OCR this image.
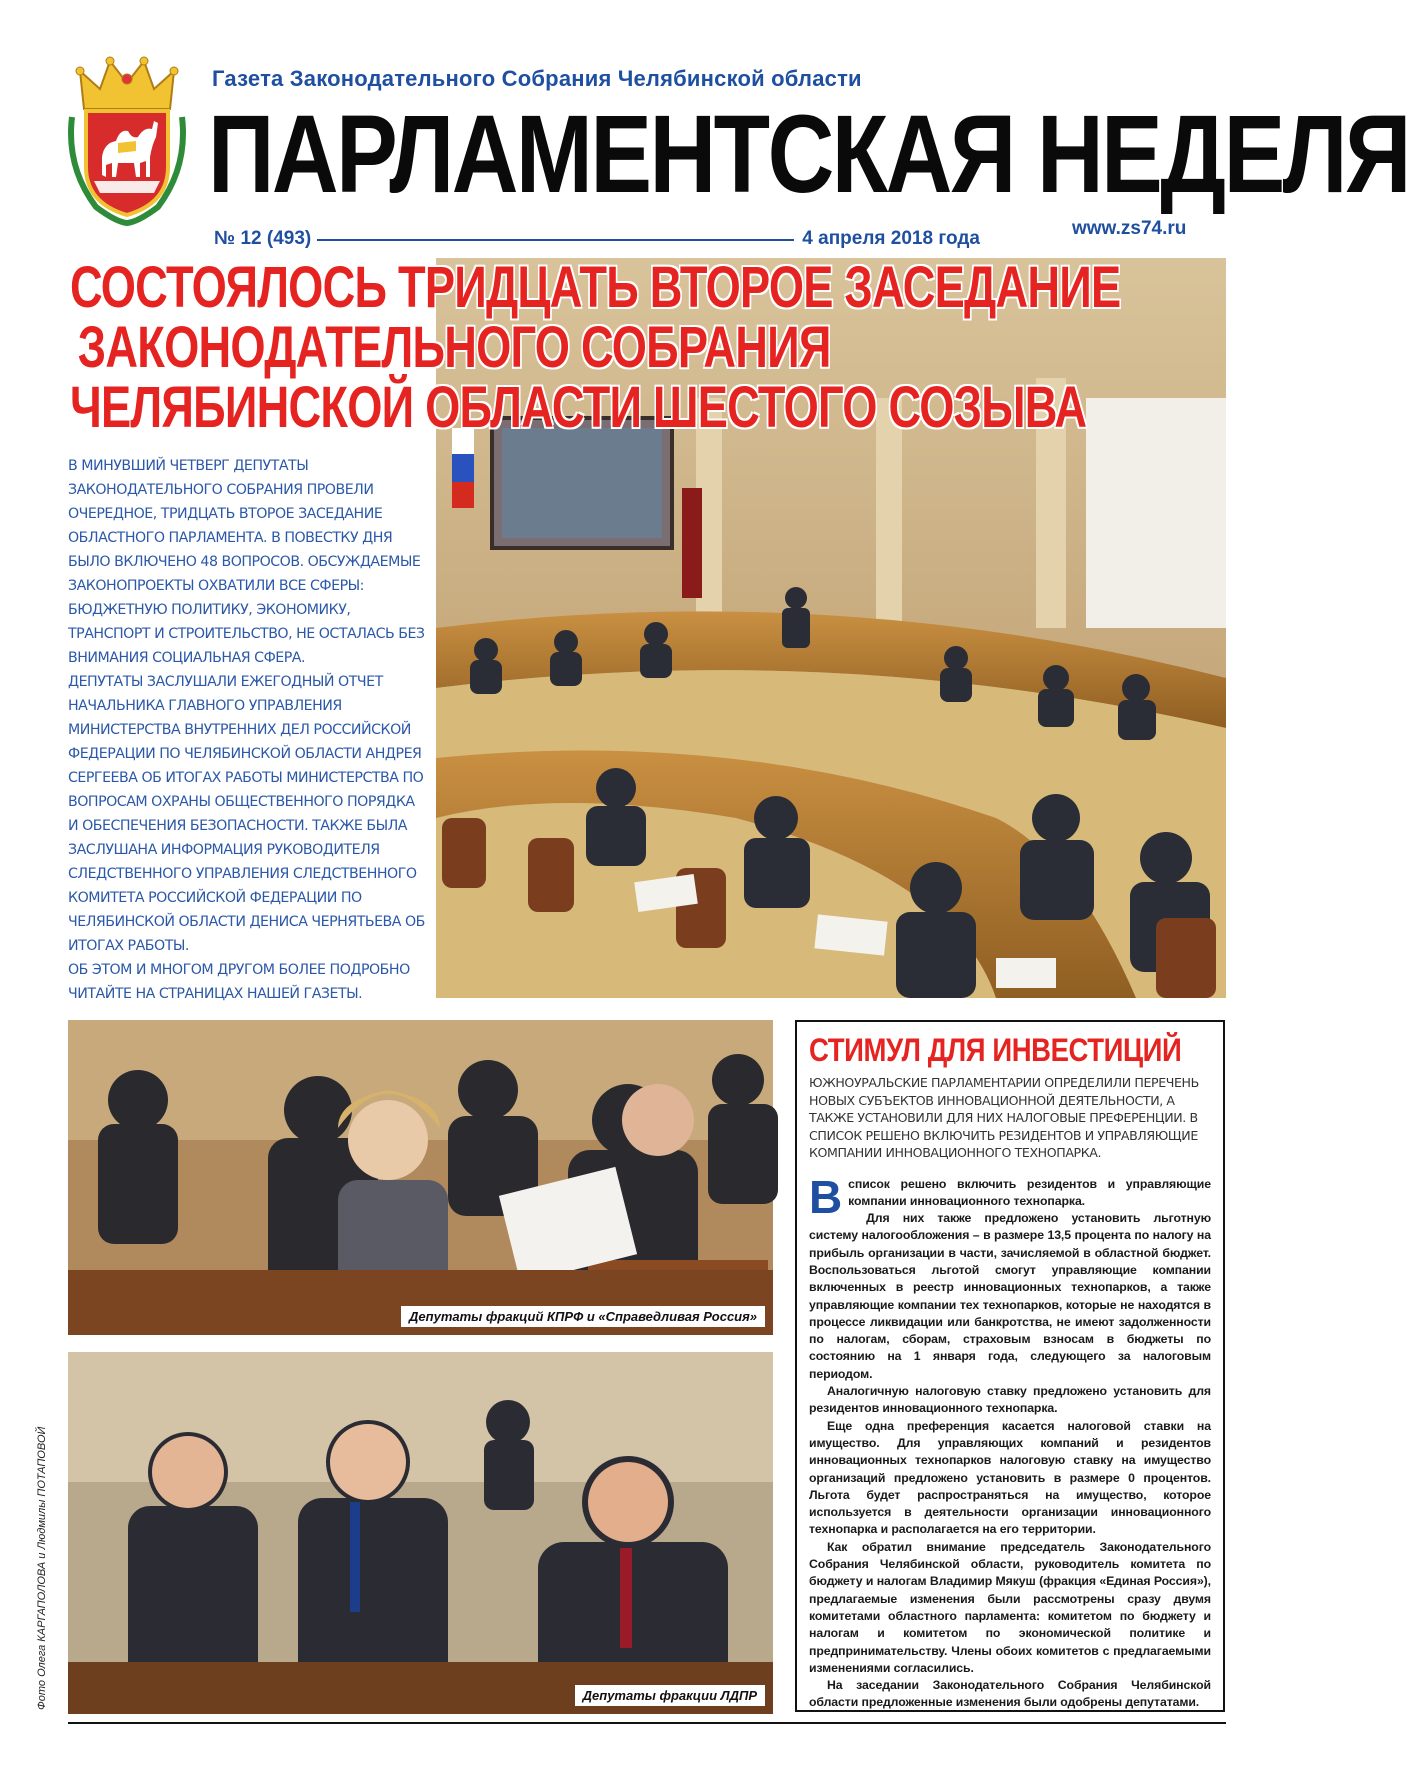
Газета Законодательного Собрания Челябинской области
ПАРЛАМЕНТСКАЯ НЕДЕЛЯ
№ 12 (493)	4 апреля 2018 года	www.zs74.ru
СОСТОЯЛОСЬ ТРИДЦАТЬ ВТОРОЕ ЗАСЕДАНИЕ
ЗАКОНОДАТЕЛЬНОГО СОБРАНИЯ
ЧЕЛЯБИНСКОЙ ОБЛАСТИ ШЕСТОГО СОЗЫВА

В МИНУВШИЙ ЧЕТВЕРГ ДЕПУТАТЫ ЗАКОНОДАТЕЛЬНОГО СОБРАНИЯ ПРОВЕЛИ ОЧЕРЕДНОЕ, ТРИДЦАТЬ ВТОРОЕ ЗАСЕДАНИЕ ОБЛАСТНОГО ПАРЛАМЕНТА. В ПОВЕСТКУ ДНЯ БЫЛО ВКЛЮЧЕНО 48 ВОПРОСОВ. ОБСУЖДАЕМЫЕ ЗАКОНОПРОЕКТЫ ОХВАТИЛИ ВСЕ СФЕРЫ: БЮДЖЕТНУЮ ПОЛИТИКУ, ЭКОНОМИКУ, ТРАНСПОРТ И СТРОИТЕЛЬСТВО, НЕ ОСТАЛАСЬ БЕЗ ВНИМАНИЯ СОЦИАЛЬНАЯ СФЕРА.

ДЕПУТАТЫ ЗАСЛУШАЛИ ЕЖЕГОДНЫЙ ОТЧЕТ НАЧАЛЬНИКА ГЛАВНОГО УПРАВЛЕНИЯ МИНИСТЕРСТВА ВНУТРЕННИХ ДЕЛ РОССИЙСКОЙ ФЕДЕРАЦИИ ПО ЧЕЛЯБИНСКОЙ ОБЛАСТИ АНДРЕЯ СЕРГЕЕВА ОБ ИТОГАХ РАБОТЫ МИНИСТЕРСТВА ПО ВОПРОСАМ ОХРАНЫ ОБЩЕСТВЕННОГО ПОРЯДКА И ОБЕСПЕЧЕНИЯ БЕЗОПАСНОСТИ. ТАКЖЕ БЫЛА ЗАСЛУШАНА ИНФОРМАЦИЯ РУКОВОДИТЕЛЯ СЛЕДСТВЕННОГО УПРАВЛЕНИЯ СЛЕДСТВЕННОГО КОМИТЕТА РОССИЙСКОЙ ФЕДЕРАЦИИ ПО ЧЕЛЯБИНСКОЙ ОБЛАСТИ ДЕНИСА ЧЕРНЯТЬЕВА ОБ ИТОГАХ РАБОТЫ.

ОБ ЭТОМ И МНОГОМ ДРУГОМ БОЛЕЕ ПОДРОБНО ЧИТАЙТЕ НА СТРАНИЦАХ НАШЕЙ ГАЗЕТЫ.

Депутаты фракций КПРФ и «Справедливая Россия»
Депутаты фракции ЛДПР
Фото Олега КАРГАПОЛОВА и Людмилы ПОТАПОВОЙ
СТИМУЛ ДЛЯ ИНВЕСТИЦИЙ
ЮЖНОУРАЛЬСКИЕ ПАРЛАМЕНТАРИИ ОПРЕДЕЛИЛИ ПЕРЕЧЕНЬ НОВЫХ СУБЪЕКТОВ ИННОВАЦИОННОЙ ДЕЯТЕЛЬНОСТИ, А ТАКЖЕ УСТАНОВИЛИ ДЛЯ НИХ НАЛОГОВЫЕ ПРЕФЕРЕНЦИИ. В СПИСОК РЕШЕНО ВКЛЮЧИТЬ РЕЗИДЕНТОВ И УПРАВЛЯЮЩИЕ КОМПАНИИ ИННОВАЦИОННОГО ТЕХНОПАРКА.

Всписок решено включить резидентов и управляющие компании инновационного технопарка.

Для них также предложено установить льготную систему налогообложения – в размере 13,5 процента по налогу на прибыль организации в части, зачисляемой в областной бюджет. Воспользоваться льготой смогут управляющие компании включенных в реестр инновационных технопарков, а также управляющие компании тех технопарков, которые не находятся в процессе ликвидации или банкротства, не имеют задолженности по налогам, сборам, страховым взносам в бюджеты по состоянию на 1 января года, следующего за налоговым периодом.

Аналогичную налоговую ставку предложено установить для резидентов инновационного технопарка.

Еще одна преференция касается налоговой ставки на имущество. Для управляющих компаний и резидентов инновационных технопарков налоговую ставку на имущество организаций предложено установить в размере 0 процентов. Льгота будет распространяться на имущество, которое используется в деятельности организации инновационного технопарка и располагается на его территории.

Как обратил внимание председатель Законодательного Собрания Челябинской области, руководитель комитета по бюджету и налогам Владимир Мякуш (фракция «Единая Россия»), предлагаемые изменения были рассмотрены сразу двумя комитетами областного парламента: комитетом по бюджету и налогам и комитетом по экономической политике и предпринимательству. Члены обоих комитетов с предлагаемыми изменениями согласились.

На заседании Законодательного Собрания Челябинской области предложенные изменения были одобрены депутатами.
